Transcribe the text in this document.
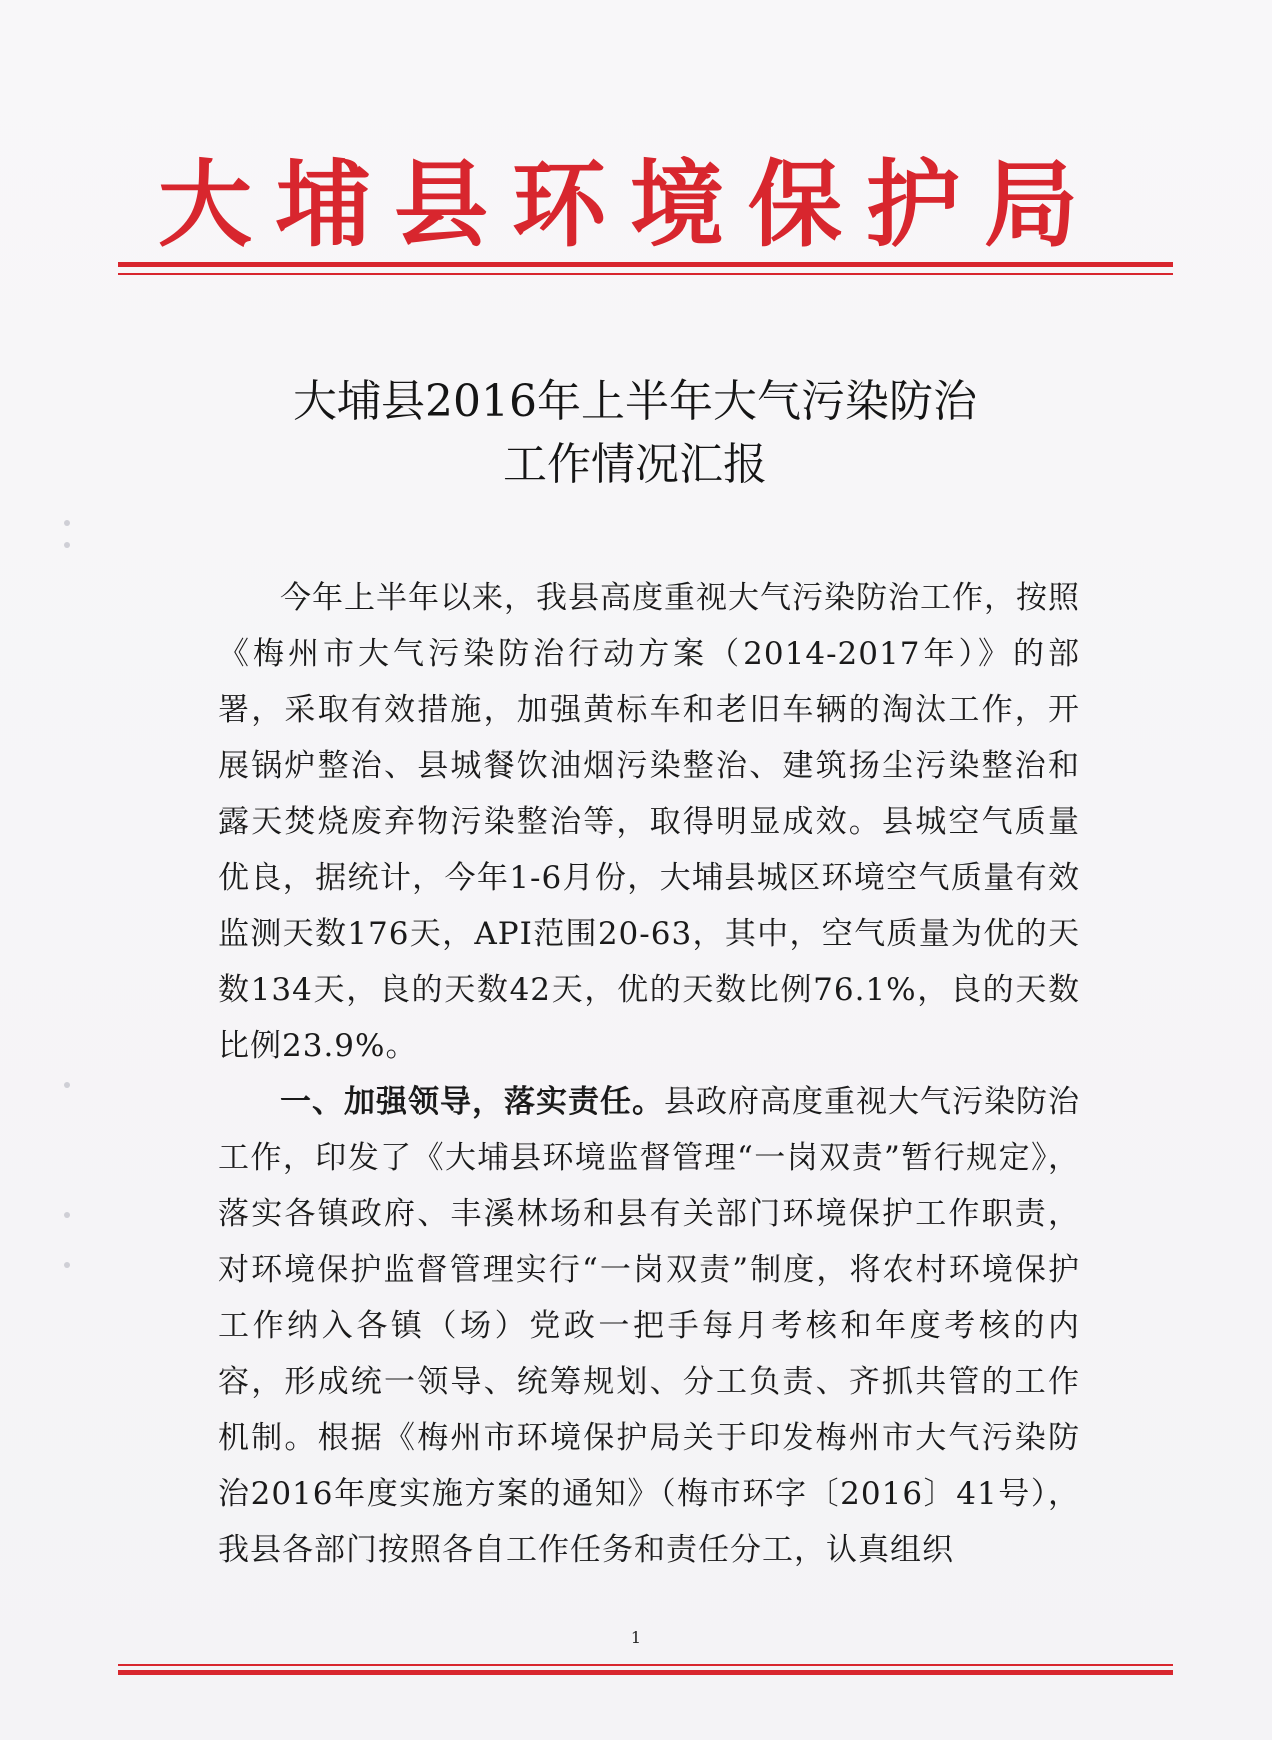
大埔县环境保护局
大埔县2016年上半年大气污染防治
工作情况汇报

今年上半年以来，我县高度重视大气污染防治工作，按照《梅州市大气污染防治行动方案（2014-2017年）》的部署，采取有效措施，加强黄标车和老旧车辆的淘汰工作，开展锅炉整治、县城餐饮油烟污染整治、建筑扬尘污染整治和露天焚烧废弃物污染整治等，取得明显成效。县城空气质量优良，据统计，今年1-6月份，大埔县城区环境空气质量有效监测天数176天，API范围20-63，其中，空气质量为优的天数134天，良的天数42天，优的天数比例76.1%，良的天数比例23.9%。

一、加强领导，落实责任。县政府高度重视大气污染防治工作，印发了《大埔县环境监督管理“一岗双责”暂行规定》，落实各镇政府、丰溪林场和县有关部门环境保护工作职责，对环境保护监督管理实行“一岗双责”制度，将农村环境保护工作纳入各镇（场）党政一把手每月考核和年度考核的内容，形成统一领导、统筹规划、分工负责、齐抓共管的工作机制。根据《梅州市环境保护局关于印发梅州市大气污染防治2016年度实施方案的通知》（梅市环字〔2016〕41号），我县各部门按照各自工作任务和责任分工，认真组织

1
